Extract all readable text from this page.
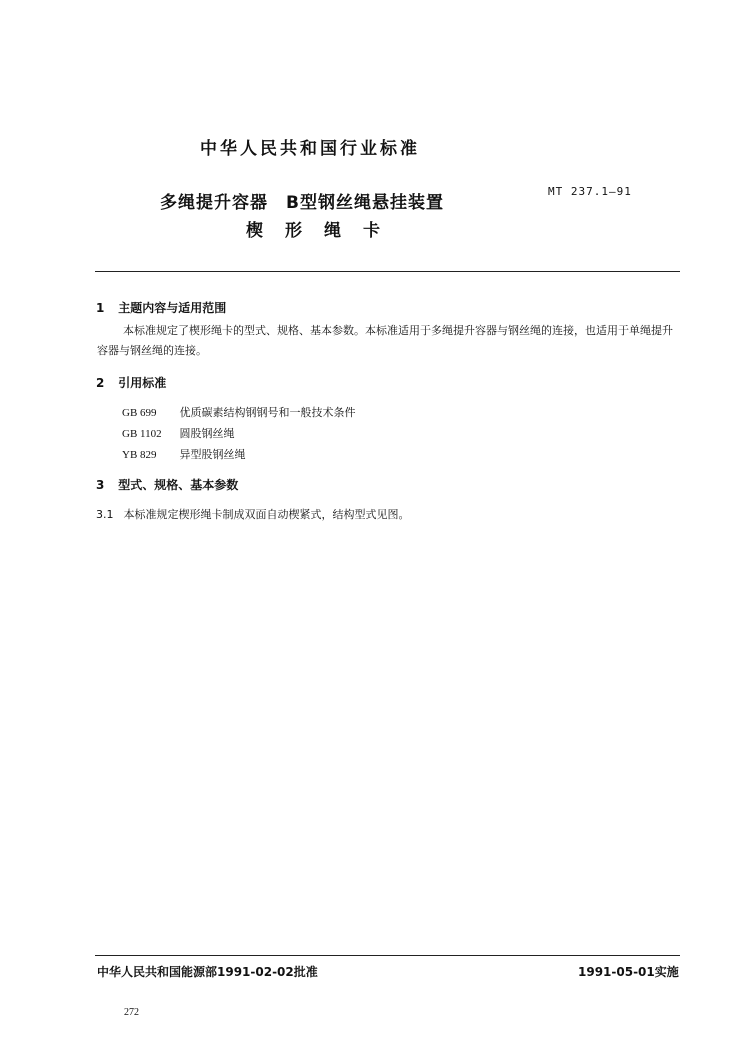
中华人民共和国行业标准
多绳提升容器　B型钢丝绳悬挂装置
楔形绳卡
MT 237.1—91
1 主题内容与适用范围
本标准规定了楔形绳卡的型式、规格、基本参数。本标准适用于多绳提升容器与钢丝绳的连接，也适用于单绳提升容器与钢丝绳的连接。
2 引用标准
GB 699 优质碳素结构钢钢号和一般技术条件
GB 1102 圆股钢丝绳
YB 829 异型股钢丝绳
3 型式、规格、基本参数
3.1 本标准规定楔形绳卡制成双面自动楔紧式，结构型式见图。
中华人民共和国能源部1991-02-02批准	1991-05-01实施
272
